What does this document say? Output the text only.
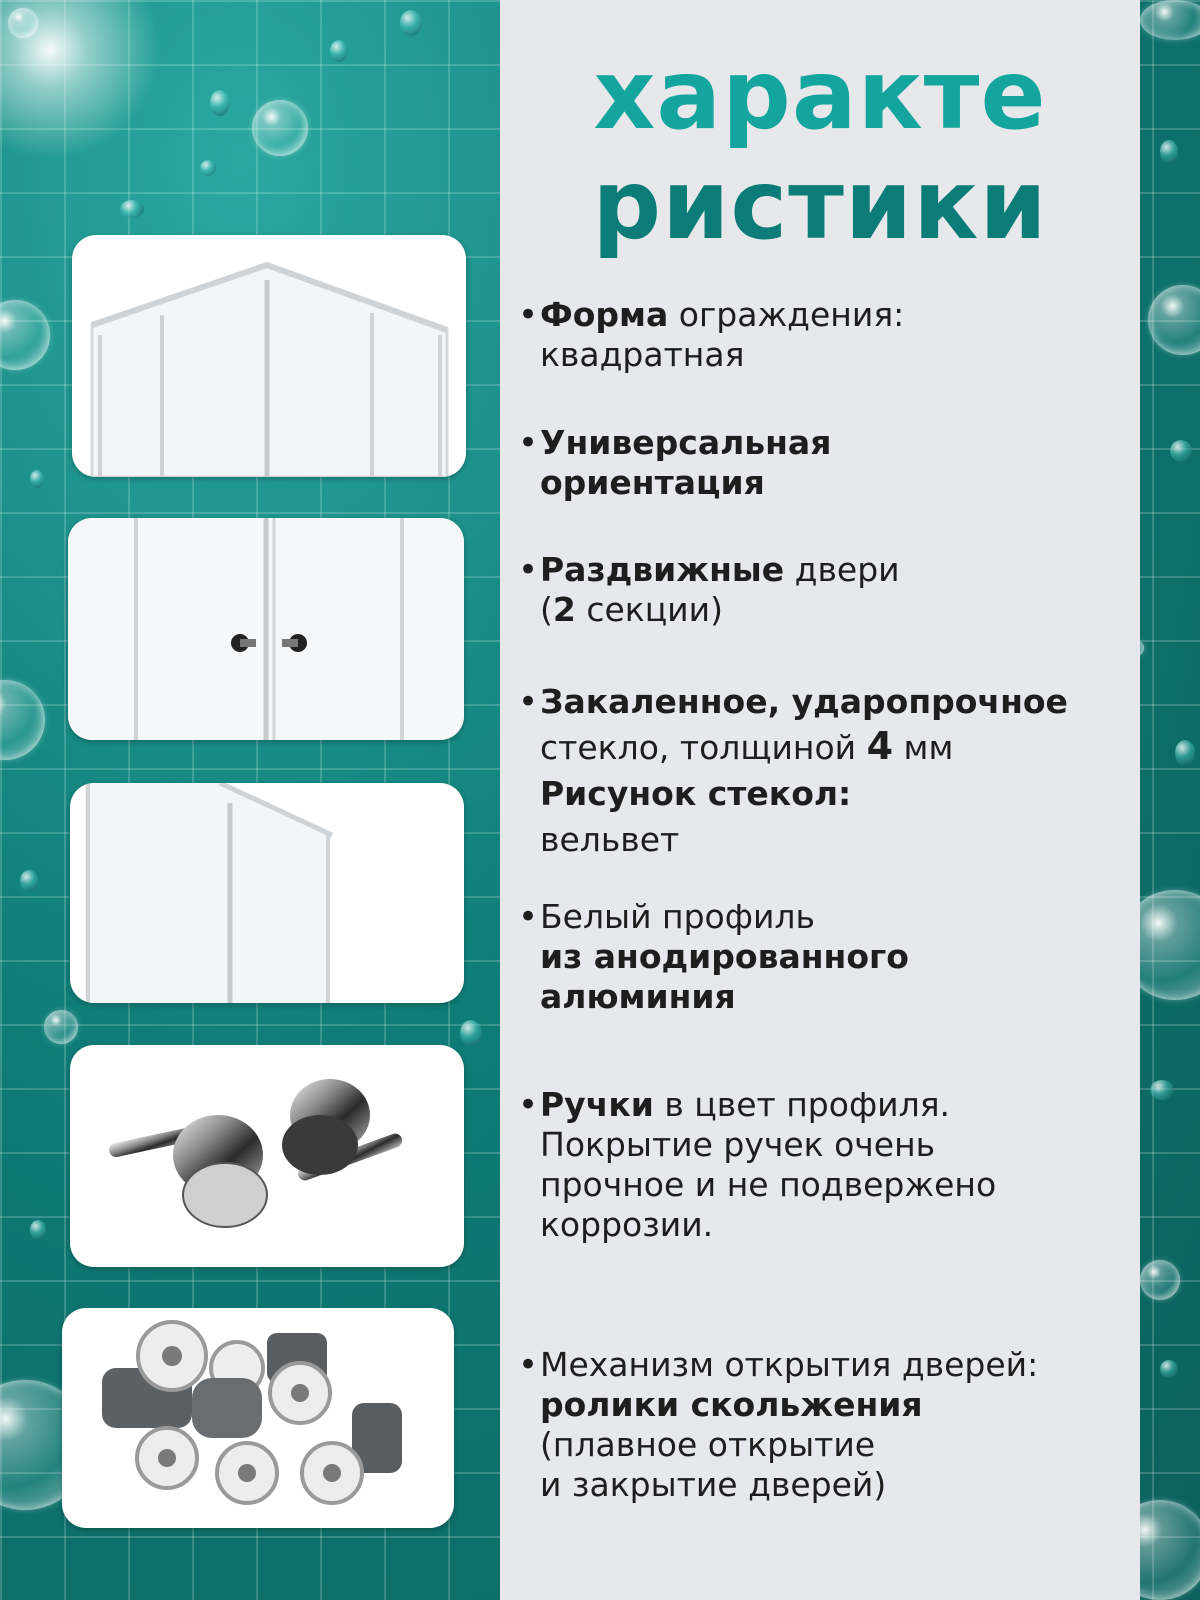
характе
ристики
• Форма ограждения:
квадратная
• Универсальная
ориентация
• Раздвижные двери
(2 секции)
• Закаленное, ударопрочное
стекло, толщиной 4 мм
Рисунок стекол:
вельвет
• Белый профиль
из анодированного
алюминия
• Ручки в цвет профиля.
Покрытие ручек очень
прочное и не подвержено
коррозии.
• Механизм открытия дверей:
ролики скольжения
(плавное открытие
и закрытие дверей)
